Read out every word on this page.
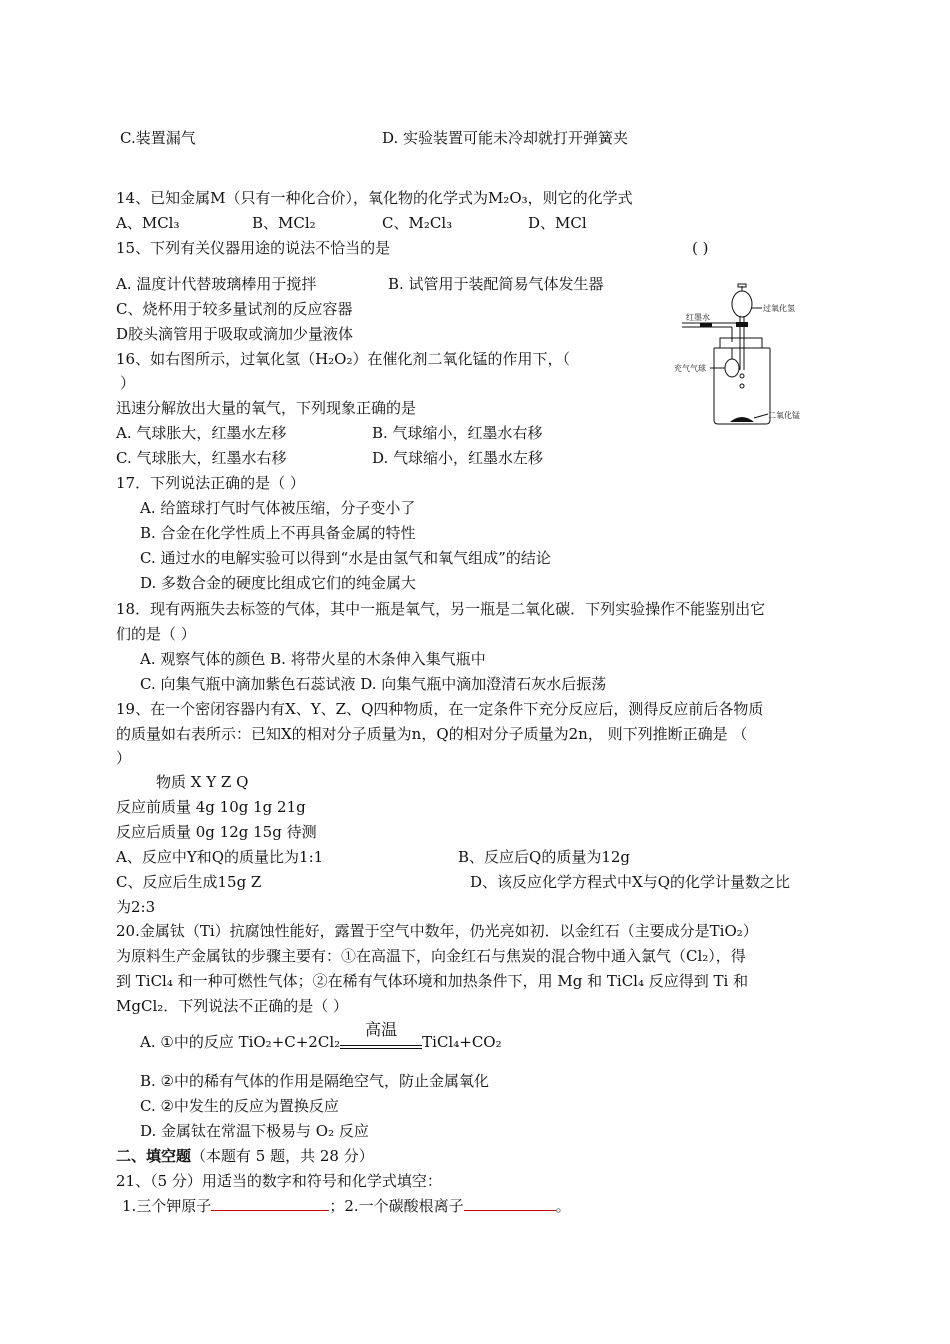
C.装置漏气	D. 实验装置可能未冷却就打开弹簧夹
14、已知金属M（只有一种化合价），氧化物的化学式为M₂O₃，则它的化学式
A、MCl₃	B、MCl₂	C、M₂Cl₃	D、MCl
15、下列有关仪器用途的说法不恰当的是	( )
A. 温度计代替玻璃棒用于搅拌	B. 试管用于装配简易气体发生器
C、烧杯用于较多量试剂的反应容器
D胶头滴管用于吸取或滴加少量液体
16、如右图所示，过氧化氢（H₂O₂）在催化剂二氧化锰的作用下，（
）
迅速分解放出大量的氧气，下列现象正确的是
A. 气球胀大，红墨水左移	B. 气球缩小，红墨水右移
C. 气球胀大，红墨水右移	D. 气球缩小，红墨水左移
红墨水
过氧化氢
充气气球
二氧化锰
17．下列说法正确的是（ ）
A. 给篮球打气时气体被压缩，分子变小了
B. 合金在化学性质上不再具备金属的特性
C. 通过水的电解实验可以得到“水是由氢气和氧气组成”的结论
D. 多数合金的硬度比组成它们的纯金属大
18．现有两瓶失去标签的气体，其中一瓶是氧气，另一瓶是二氧化碳．下列实验操作不能鉴别出它
们的是（ ）
A. 观察气体的颜色 B. 将带火星的木条伸入集气瓶中
C. 向集气瓶中滴加紫色石蕊试液 D. 向集气瓶中滴加澄清石灰水后振荡
19、在一个密闭容器内有X、Y、Z、Q四种物质，在一定条件下充分反应后，测得反应前后各物质
的质量如右表所示：已知X的相对分子质量为n，Q的相对分子质量为2n， 则下列推断正确是 （
）
物质 X Y Z Q
反应前质量 4g 10g 1g 21g
反应后质量 0g 12g 15g 待测
A、反应中Y和Q的质量比为1:1	B、反应后Q的质量为12g
C、反应后生成15g Z	D、该反应化学方程式中X与Q的化学计量数之比
为2:3
20.金属钛（Ti）抗腐蚀性能好，露置于空气中数年，仍光亮如初．以金红石（主要成分是TiO₂）
为原料生产金属钛的步骤主要有：①在高温下，向金红石与焦炭的混合物中通入氯气（Cl₂），得
到 TiCl₄ 和一种可燃性气体；②在稀有气体环境和加热条件下，用 Mg 和 TiCl₄ 反应得到 Ti 和
MgCl₂．下列说法不正确的是（ ）
A. ①中的反应 TiO₂+C+2Cl₂
高温
TiCl₄+CO₂
B. ②中的稀有气体的作用是隔绝空气，防止金属氧化
C. ②中发生的反应为置换反应
D. 金属钛在常温下极易与 O₂ 反应
二、填空题（本题有 5 题，共 28 分）
21、（5 分）用适当的数字和符号和化学式填空：
1.三个钾原子	；2.一个碳酸根离子	。
